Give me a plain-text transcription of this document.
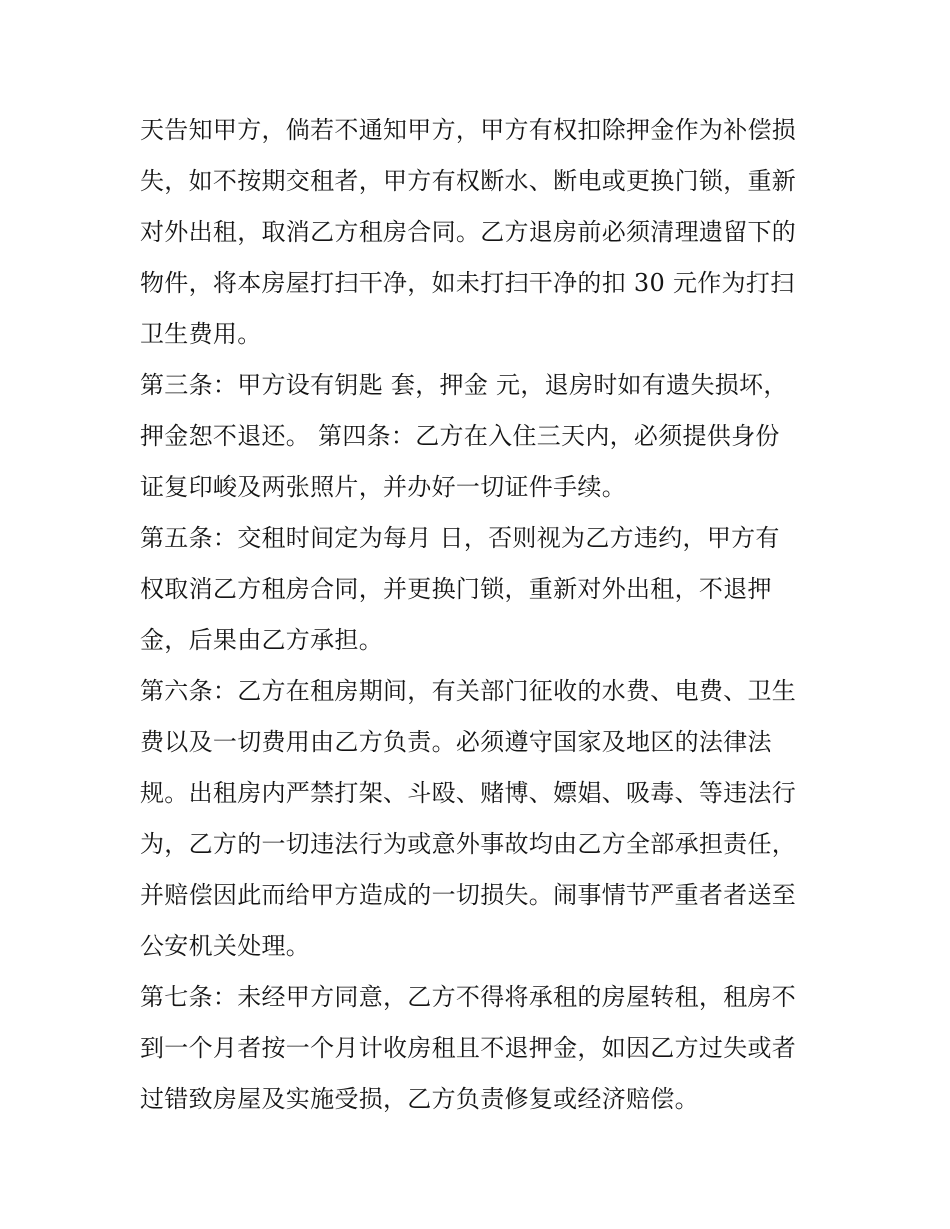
天告知甲方，倘若不通知甲方，甲方有权扣除押金作为补偿损
失，如不按期交租者，甲方有权断水、断电或更换门锁，重新
对外出租，取消乙方租房合同。乙方退房前必须清理遗留下的
物件，将本房屋打扫干净，如未打扫干净的扣 30 元作为打扫
卫生费用。
第三条：甲方设有钥匙 套，押金 元，退房时如有遗失损坏，
押金恕不退还。 第四条：乙方在入住三天内，必须提供身份
证复印峻及两张照片，并办好一切证件手续。
第五条：交租时间定为每月 日，否则视为乙方违约，甲方有
权取消乙方租房合同，并更换门锁，重新对外出租，不退押
金，后果由乙方承担。
第六条：乙方在租房期间，有关部门征收的水费、电费、卫生
费以及一切费用由乙方负责。必须遵守国家及地区的法律法
规。出租房内严禁打架、斗殴、赌博、嫖娼、吸毒、等违法行
为，乙方的一切违法行为或意外事故均由乙方全部承担责任，
并赔偿因此而给甲方造成的一切损失。闹事情节严重者者送至
公安机关处理。
第七条：未经甲方同意，乙方不得将承租的房屋转租，租房不
到一个月者按一个月计收房租且不退押金，如因乙方过失或者
过错致房屋及实施受损，乙方负责修复或经济赔偿。
